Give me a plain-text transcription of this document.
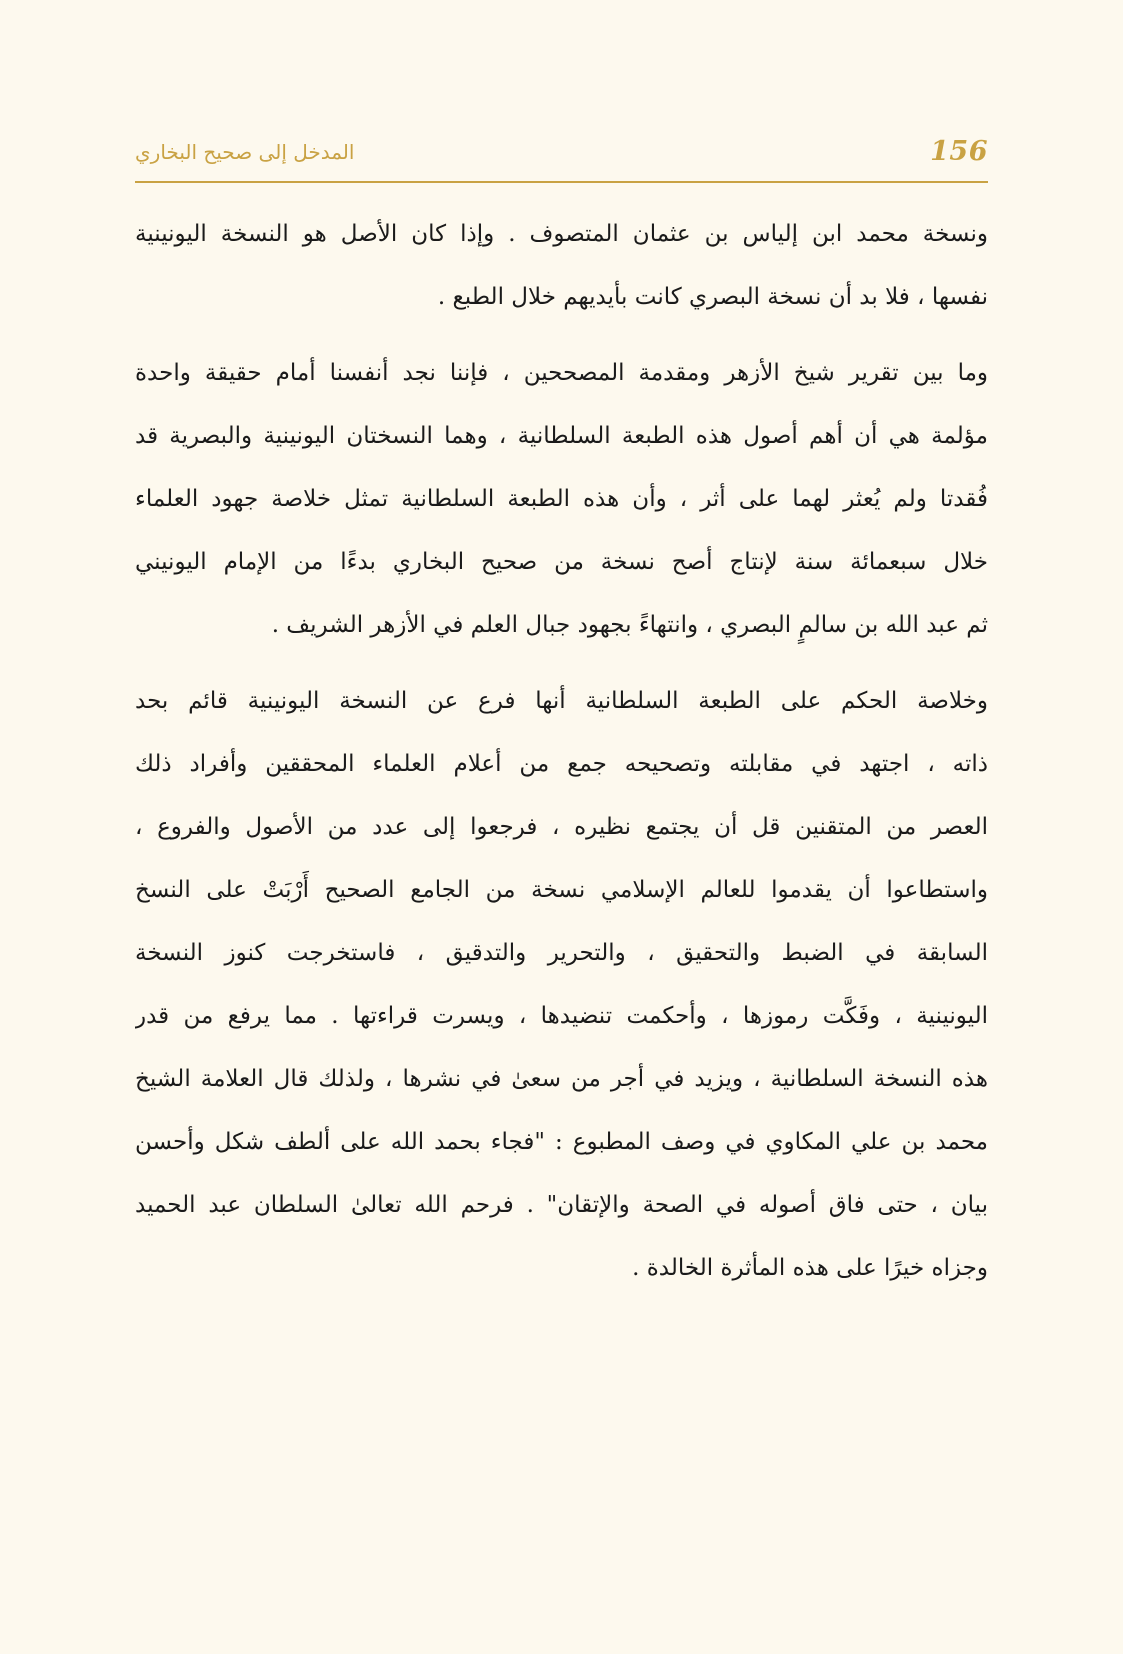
156
المدخل إلى صحيح البخاري
ونسخة محمد ابن إلياس بن عثمان المتصوف . وإذا كان الأصل هو النسخة اليونينية
نفسها ، فلا بد أن نسخة البصري كانت بأيديهم خلال الطبع .
وما بين تقرير شيخ الأزهر ومقدمة المصححين ، فإننا نجد أنفسنا أمام حقيقة واحدة
مؤلمة هي أن أهم أصول هذه الطبعة السلطانية ، وهما النسختان اليونينية والبصرية قد
فُقدتا ولم يُعثر لهما على أثر ، وأن هذه الطبعة السلطانية تمثل خلاصة جهود العلماء
خلال سبعمائة سنة لإنتاج أصح نسخة من صحيح البخاري بدءًا من الإمام اليونيني
ثم عبد الله بن سالمٍ البصري ، وانتهاءً بجهود جبال العلم في الأزهر الشريف .
وخلاصة الحكم على الطبعة السلطانية أنها فرع عن النسخة اليونينية قائم بحد
ذاته ، اجتهد في مقابلته وتصحيحه جمع من أعلام العلماء المحققين وأفراد ذلك
العصر من المتقنين قل أن يجتمع نظيره ، فرجعوا إلى عدد من الأصول والفروع ،
واستطاعوا أن يقدموا للعالم الإسلامي نسخة من الجامع الصحيح أَرْبَتْ على النسخ
السابقة في الضبط والتحقيق ، والتحرير والتدقيق ، فاستخرجت كنوز النسخة
اليونينية ، وفَكَّت رموزها ، وأحكمت تنضيدها ، ويسرت قراءتها . مما يرفع من قدر
هذه النسخة السلطانية ، ويزيد في أجر من سعىٰ في نشرها ، ولذلك قال العلامة الشيخ
محمد بن علي المكاوي في وصف المطبوع : "فجاء بحمد الله على ألطف شكل وأحسن
بيان ، حتى فاق أصوله في الصحة والإتقان" . فرحم الله تعالىٰ السلطان عبد الحميد
وجزاه خيرًا على هذه المأثرة الخالدة .
